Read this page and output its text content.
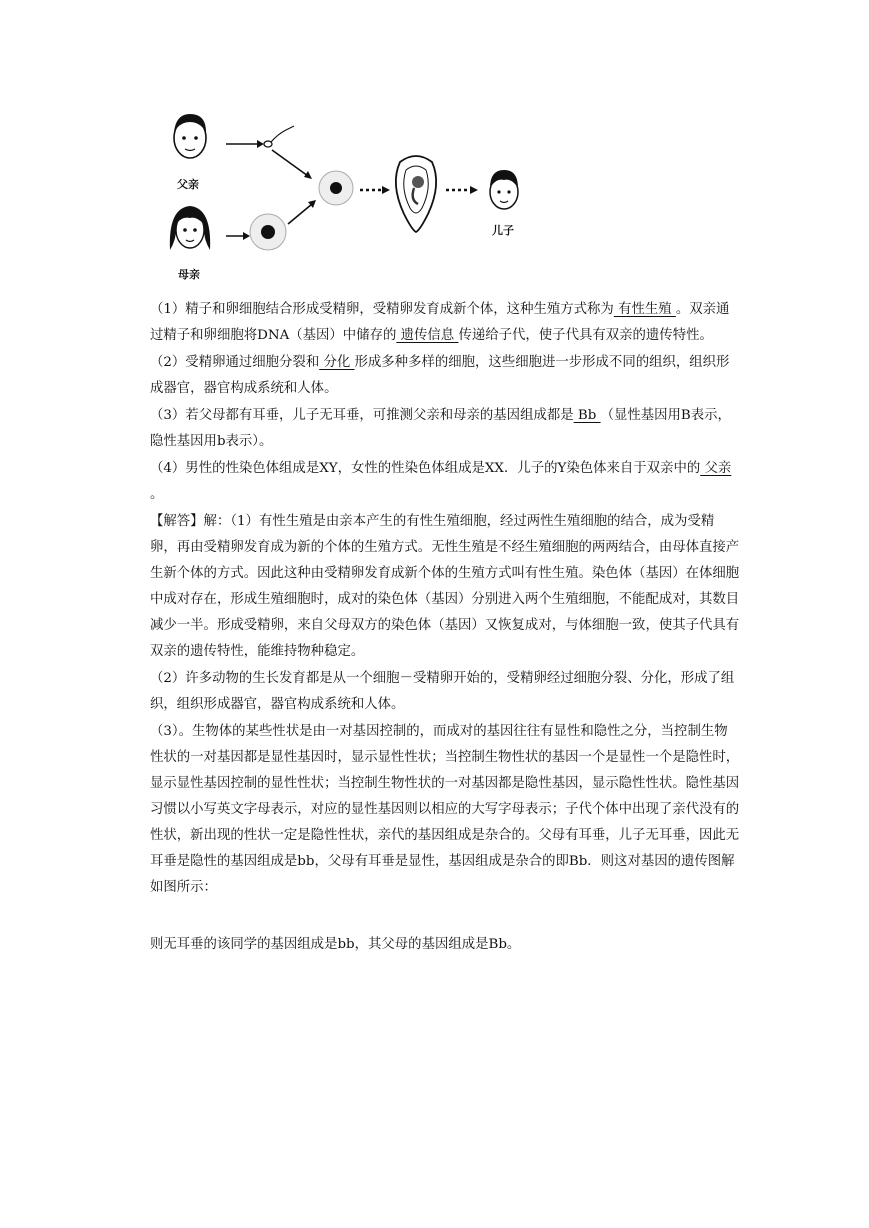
父亲
母亲
儿子

（1）精子和卵细胞结合形成受精卵，受精卵发育成新个体，这种生殖方式称为 有性生殖 。双亲通过精子和卵细胞将DNA（基因）中储存的 遗传信息 传递给子代，使子代具有双亲的遗传特性。

（2）受精卵通过细胞分裂和 分化 形成多种多样的细胞，这些细胞进一步形成不同的组织，组织形成器官，器官构成系统和人体。

（3）若父母都有耳垂，儿子无耳垂，可推测父亲和母亲的基因组成都是 Bb （显性基因用B表示，隐性基因用b表示）。

（4）男性的性染色体组成是XY，女性的性染色体组成是XX．儿子的Y染色体来自于双亲中的 父亲 。

【解答】解：（1）有性生殖是由亲本产生的有性生殖细胞，经过两性生殖细胞的结合，成为受精卵，再由受精卵发育成为新的个体的生殖方式。无性生殖是不经生殖细胞的两两结合，由母体直接产生新个体的方式。因此这种由受精卵发育成新个体的生殖方式叫有性生殖。染色体（基因）在体细胞中成对存在，形成生殖细胞时，成对的染色体（基因）分别进入两个生殖细胞，不能配成对，其数目减少一半。形成受精卵，来自父母双方的染色体（基因）又恢复成对，与体细胞一致，使其子代具有双亲的遗传特性，能维持物种稳定。

（2）许多动物的生长发育都是从一个细胞－受精卵开始的，受精卵经过细胞分裂、分化，形成了组织，组织形成器官，器官构成系统和人体。

（3）。生物体的某些性状是由一对基因控制的，而成对的基因往往有显性和隐性之分，当控制生物性状的一对基因都是显性基因时，显示显性性状；当控制生物性状的基因一个是显性一个是隐性时，显示显性基因控制的显性性状；当控制生物性状的一对基因都是隐性基因，显示隐性性状。隐性基因习惯以小写英文字母表示，对应的显性基因则以相应的大写字母表示；子代个体中出现了亲代没有的性状，新出现的性状一定是隐性性状，亲代的基因组成是杂合的。父母有耳垂，儿子无耳垂，因此无耳垂是隐性的基因组成是bb，父母有耳垂是显性，基因组成是杂合的即Bb．则这对基因的遗传图解如图所示：

则无耳垂的该同学的基因组成是bb，其父母的基因组成是Bb。
